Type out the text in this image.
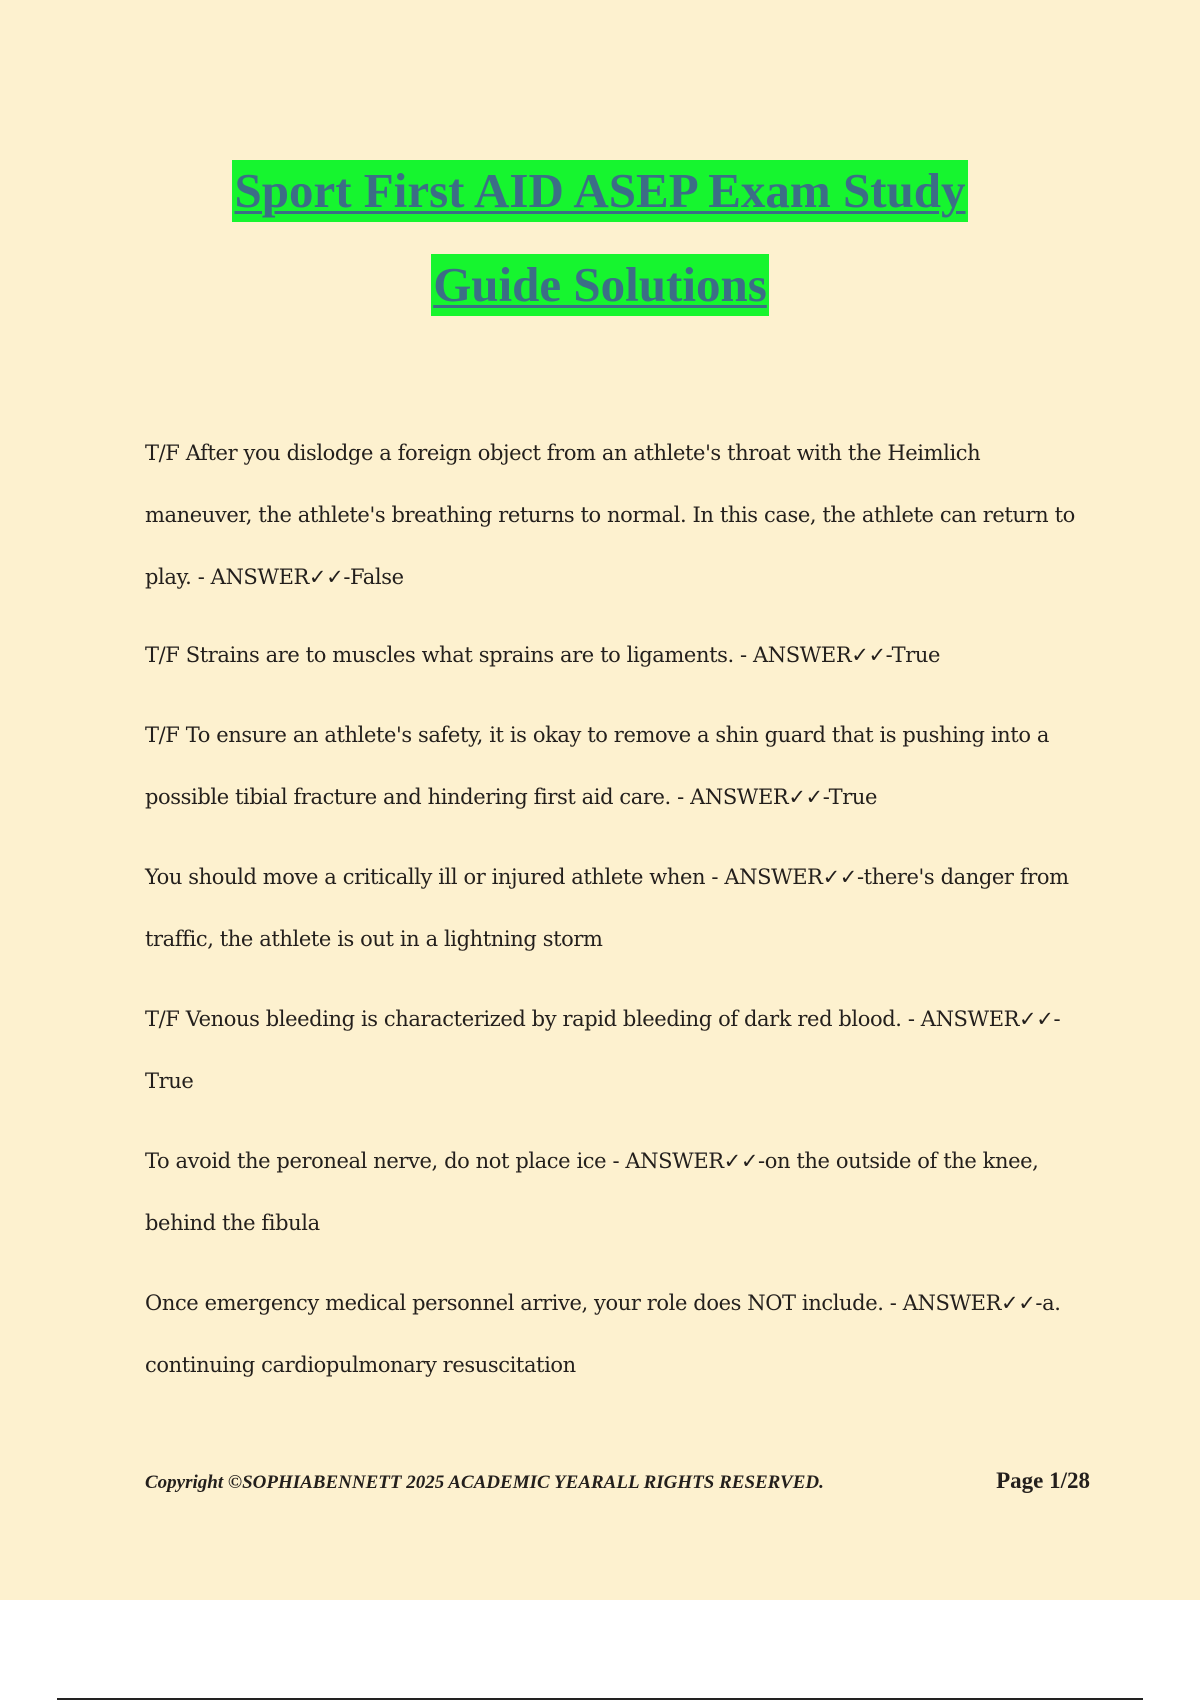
Sport First AID ASEP Exam Study
Guide Solutions

T/F After you dislodge a foreign object from an athlete's throat with the Heimlich maneuver, the athlete's breathing returns to normal. In this case, the athlete can return to play. - ANSWER✓✓-False

T/F Strains are to muscles what sprains are to ligaments. - ANSWER✓✓-True

T/F To ensure an athlete's safety, it is okay to remove a shin guard that is pushing into a possible tibial fracture and hindering first aid care. - ANSWER✓✓-True

You should move a critically ill or injured athlete when - ANSWER✓✓-there's danger from traffic, the athlete is out in a lightning storm

T/F Venous bleeding is characterized by rapid bleeding of dark red blood. - ANSWER✓✓-True

To avoid the peroneal nerve, do not place ice - ANSWER✓✓-on the outside of the knee, behind the fibula

Once emergency medical personnel arrive, your role does NOT include. - ANSWER✓✓-a. continuing cardiopulmonary resuscitation

Copyright ©SOPHIABENNETT 2025 ACADEMIC YEARALL RIGHTS RESERVED.	Page 1/28
